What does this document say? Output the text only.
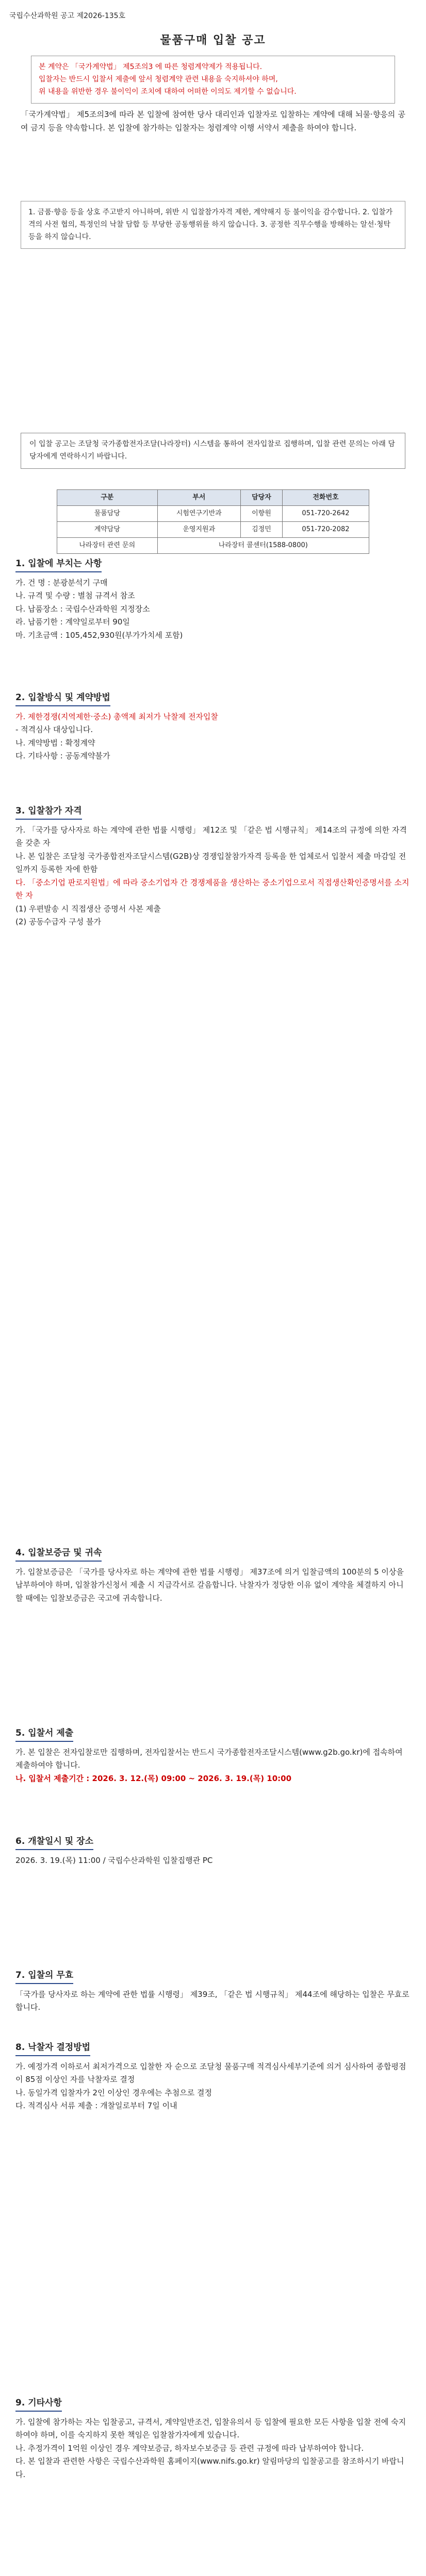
국립수산과학원 공고 제2026-135호
물품구매 입찰 공고
본 계약은 「국가계약법」 제5조의3 에 따른 청렴계약제가 적용됩니다.
입찰자는 반드시 입찰서 제출에 앞서 청렴계약 관련 내용을 숙지하셔야 하며,
위 내용을 위반한 경우 불이익이 조치에 대하여 어떠한 이의도 제기할 수 없습니다.
「국가계약법」 제5조의3에 따라 본 입찰에 참여한 당사 대리인과 입찰자로 입찰하는 계약에 대해 뇌물·향응의 공여 금지 등을 약속합니다. 본 입찰에 참가하는 입찰자는 청렴계약 이행 서약서 제출을 하여야 합니다.
1. 금품·향응 등을 상호 주고받지 아니하며, 위반 시 입찰참가자격 제한, 계약해지 등 불이익을 감수합니다. 2. 입찰가격의 사전 협의, 특정인의 낙찰 담합 등 부당한 공동행위를 하지 않습니다. 3. 공정한 직무수행을 방해하는 알선·청탁 등을 하지 않습니다.
이 입찰 공고는 조달청 국가종합전자조달(나라장터) 시스템을 통하여 전자입찰로 집행하며, 입찰 관련 문의는 아래 담당자에게 연락하시기 바랍니다.
구분	부서	담당자	전화번호
물품담당	시험연구기반과	이향원	051-720-2642
계약담당	운영지원과	김정민	051-720-2082
나라장터 관련 문의	나라장터 콜센터(1588-0800)		
1. 입찰에 부치는 사항
가. 건 명 : 분광분석기 구매
나. 규격 및 수량 : 별첨 규격서 참조
다. 납품장소 : 국립수산과학원 지정장소
라. 납품기한 : 계약일로부터 90일
마. 기초금액 : 105,452,930원(부가가치세 포함)
2. 입찰방식 및 계약방법
가. 제한경쟁(지역제한·중소) 총액제 최저가 낙찰제 전자입찰
- 적격심사 대상입니다.
나. 계약방법 : 확정계약
다. 기타사항 : 공동계약불가
3. 입찰참가 자격
가. 「국가를 당사자로 하는 계약에 관한 법률 시행령」 제12조 및 「같은 법 시행규칙」 제14조의 규정에 의한 자격을 갖춘 자
나. 본 입찰은 조달청 국가종합전자조달시스템(G2B)상 경쟁입찰참가자격 등록을 한 업체로서 입찰서 제출 마감일 전일까지 등록한 자에 한함
다. 「중소기업 판로지원법」에 따라 중소기업자 간 경쟁제품을 생산하는 중소기업으로서 직접생산확인증명서를 소지한 자
(1) 우편발송 시 직접생산 증명서 사본 제출
(2) 공동수급자 구성 불가
4. 입찰보증금 및 귀속
가. 입찰보증금은 「국가를 당사자로 하는 계약에 관한 법률 시행령」 제37조에 의거 입찰금액의 100분의 5 이상을 납부하여야 하며, 입찰참가신청서 제출 시 지급각서로 갈음합니다. 낙찰자가 정당한 이유 없이 계약을 체결하지 아니할 때에는 입찰보증금은 국고에 귀속합니다.
5. 입찰서 제출
가. 본 입찰은 전자입찰로만 집행하며, 전자입찰서는 반드시 국가종합전자조달시스템(www.g2b.go.kr)에 접속하여 제출하여야 합니다.
나. 입찰서 제출기간 : 2026. 3. 12.(목) 09:00 ~ 2026. 3. 19.(목) 10:00
6. 개찰일시 및 장소
2026. 3. 19.(목) 11:00 / 국립수산과학원 입찰집행관 PC
7. 입찰의 무효
「국가를 당사자로 하는 계약에 관한 법률 시행령」 제39조, 「같은 법 시행규칙」 제44조에 해당하는 입찰은 무효로 합니다.
8. 낙찰자 결정방법
가. 예정가격 이하로서 최저가격으로 입찰한 자 순으로 조달청 물품구매 적격심사세부기준에 의거 심사하여 종합평점이 85점 이상인 자를 낙찰자로 결정
나. 동일가격 입찰자가 2인 이상인 경우에는 추첨으로 결정
다. 적격심사 서류 제출 : 개찰일로부터 7일 이내
9. 기타사항
가. 입찰에 참가하는 자는 입찰공고, 규격서, 계약일반조건, 입찰유의서 등 입찰에 필요한 모든 사항을 입찰 전에 숙지하여야 하며, 이를 숙지하지 못한 책임은 입찰참가자에게 있습니다.
나. 추정가격이 1억원 이상인 경우 계약보증금, 하자보수보증금 등 관련 규정에 따라 납부하여야 합니다.
다. 본 입찰과 관련한 사항은 국립수산과학원 홈페이지(www.nifs.go.kr) 알림마당의 입찰공고를 참조하시기 바랍니다.
